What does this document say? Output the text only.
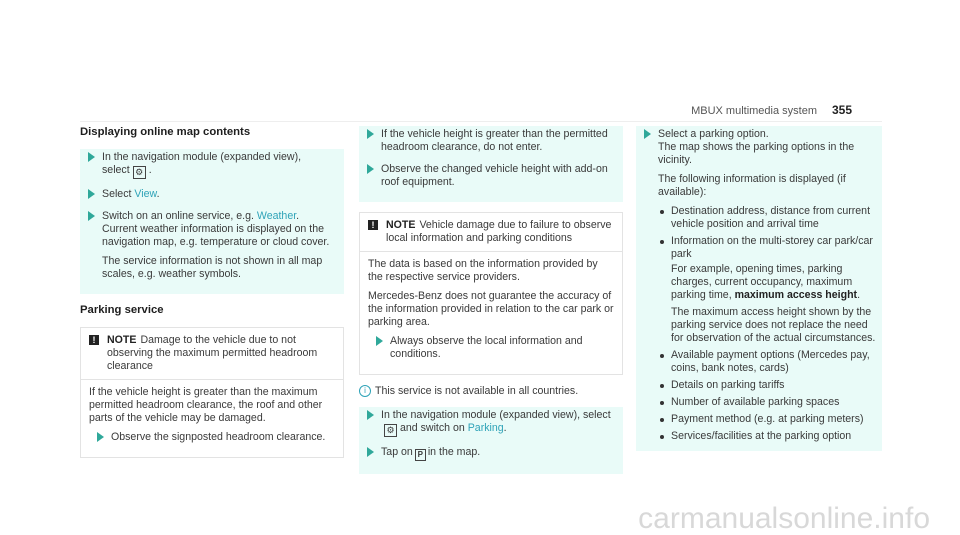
MBUX multimedia system 355
Displaying online map contents
In the navigation module (expanded view),
select ⚙ .
Select View.
Switch on an online service, e.g. Weather.
Current weather information is displayed on the navigation map, e.g. temperature or cloud cover.
The service information is not shown in all map scales, e.g. weather symbols.
Parking service
!	NOTE Damage to the vehicle due to not observing the maximum permitted headroom clearance
If the vehicle height is greater than the maximum permitted headroom clearance, the roof and other parts of the vehicle may be damaged.
Observe the signposted headroom clearance.
If the vehicle height is greater than the permitted headroom clearance, do not enter.
Observe the changed vehicle height with add-on roof equipment.
!	NOTE Vehicle damage due to failure to observe local information and parking conditions
The data is based on the information provided by the respective service providers.
Mercedes-Benz does not guarantee the accuracy of the information provided in relation to the car park or parking area.
Always observe the local information and conditions.
i This service is not available in all countries.
In the navigation module (expanded view), select⚙ and switch on Parking.
Tap on P in the map.
Select a parking option.
The map shows the parking options in the vicinity.
The following information is displayed (if available):
Destination address, distance from current vehicle position and arrival time
Information on the multi-storey car park/car park
For example, opening times, parking charges, current occupancy, maximum parking time, maximum access height.
The maximum access height shown by the parking service does not replace the need for observation of the actual circumstances.
Available payment options (Mercedes pay, coins, bank notes, cards)
Details on parking tariffs
Number of available parking spaces
Payment method (e.g. at parking meters)
Services/facilities at the parking option
carmanualsonline.info
